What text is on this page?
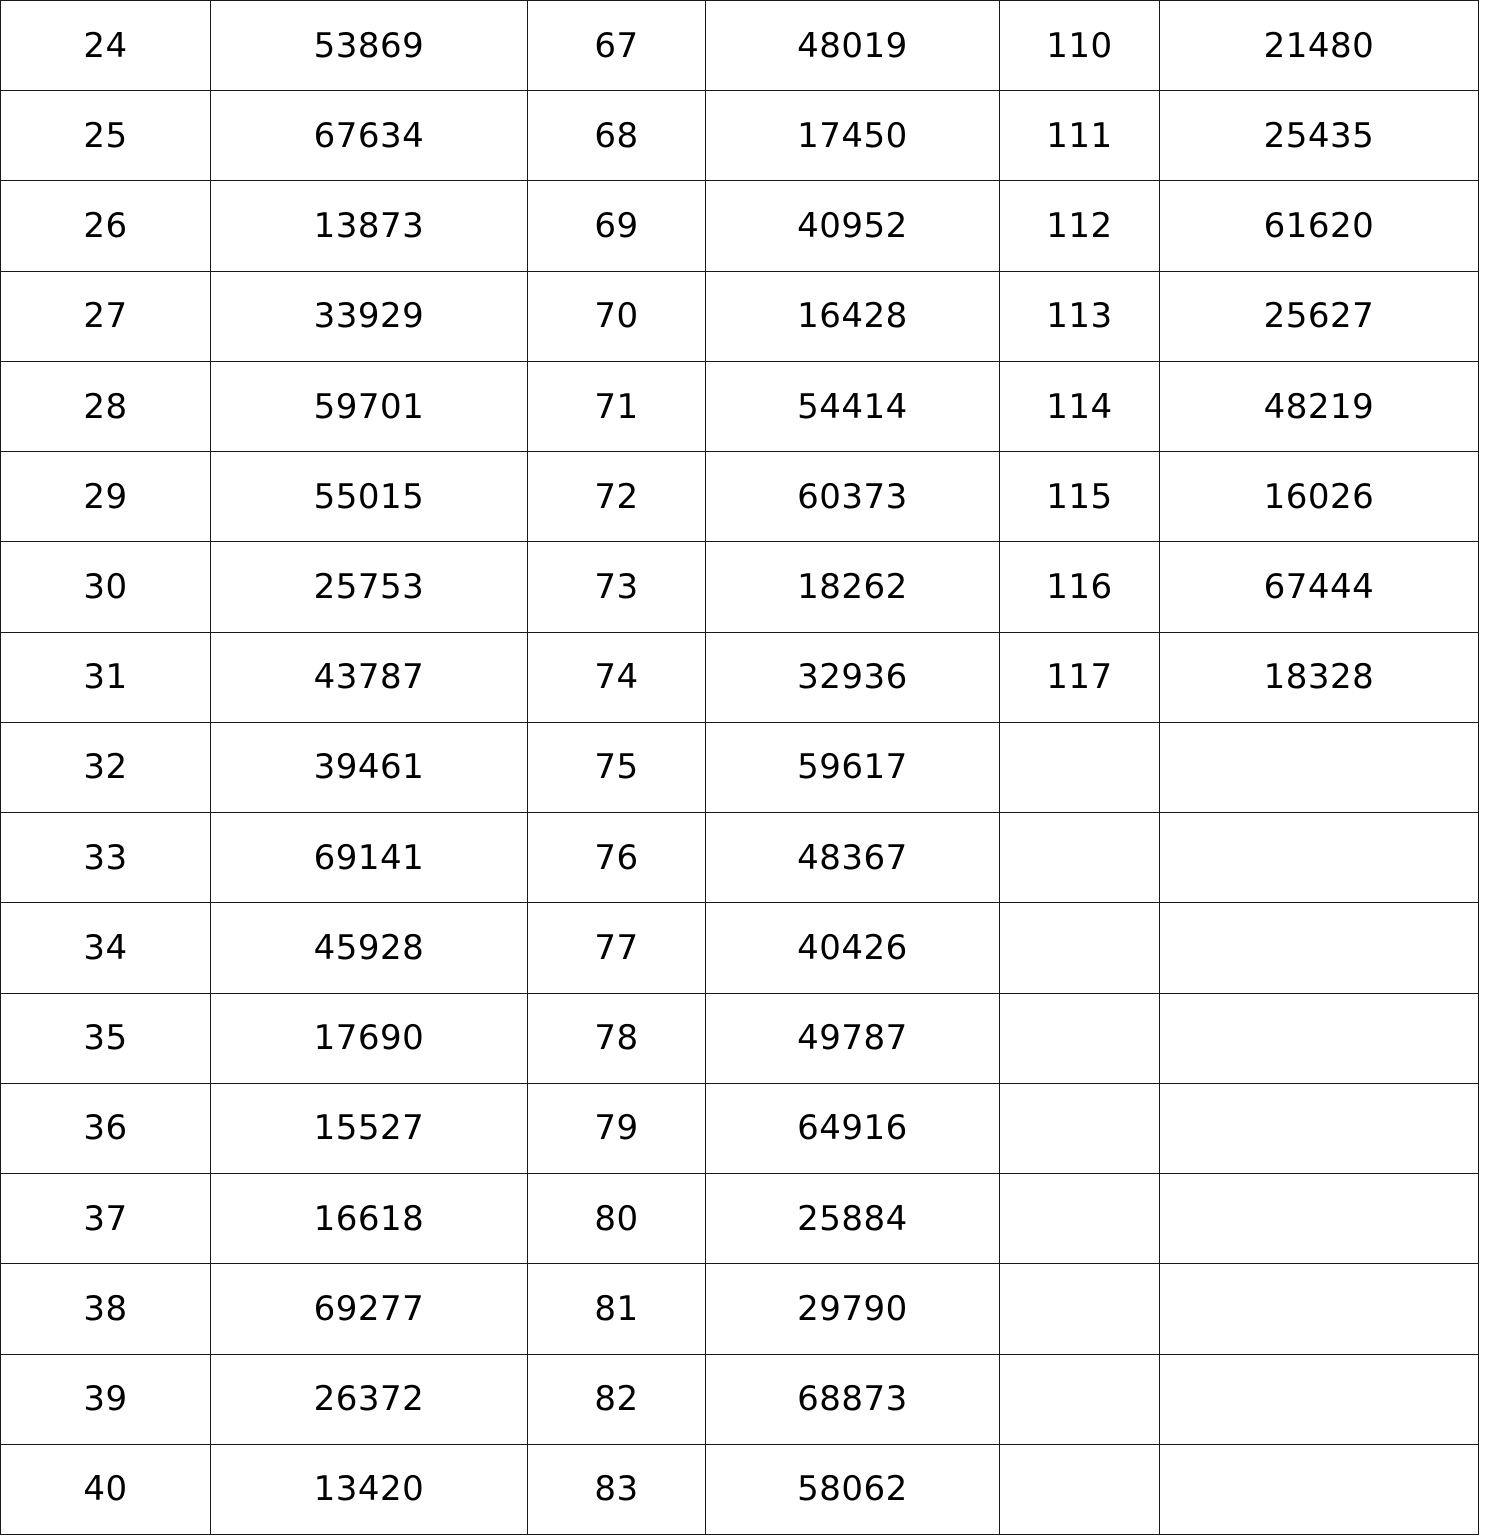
24	53869	67	48019	110	21480
25	67634	68	17450	111	25435
26	13873	69	40952	112	61620
27	33929	70	16428	113	25627
28	59701	71	54414	114	48219
29	55015	72	60373	115	16026
30	25753	73	18262	116	67444
31	43787	74	32936	117	18328
32	39461	75	59617		
33	69141	76	48367		
34	45928	77	40426		
35	17690	78	49787		
36	15527	79	64916		
37	16618	80	25884		
38	69277	81	29790		
39	26372	82	68873		
40	13420	83	58062		
